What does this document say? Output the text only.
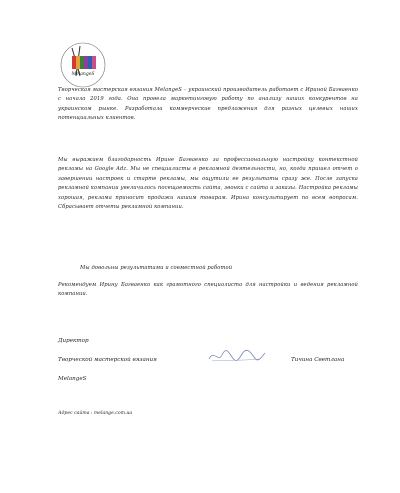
MelangeS

Творческая мастерская вязания MelangeS – украинский производитель работает с Ириной Багваенко с начала 2019 года. Она провела маркетинговую работу по анализу наших конкурентов на украинском рынке. Разработала коммерческие предложения для разных целевых наших потенциальных клиентов.

Мы выражаем благодарность Ирине Багваенко за профессиональную настройку контекстной рекламы на Google Adz. Мы не специалисты в рекламной деятельности, но, когда пришел отчет о завершении настроек и старте рекламы, мы ощутили ее результаты сразу же. После запуска рекламной компании увеличилось посещаемость сайта, звонки с сайта и заказы. Настройка рекламы хорошая, реклама приносит продажи нашим товарам. Ирина консультирует по всем вопросам. Сбрасывает отчеты рекламной компании.

Мы довольны результатами и совместной работой

Рекомендуем Ирину Багваенко как грамотного специалиста для настройки и ведения рекламной компании.

Директор
Творческой мастерской вязания
MelangeS
Тичина Светлана
Адрес сайта : melange.com.ua
